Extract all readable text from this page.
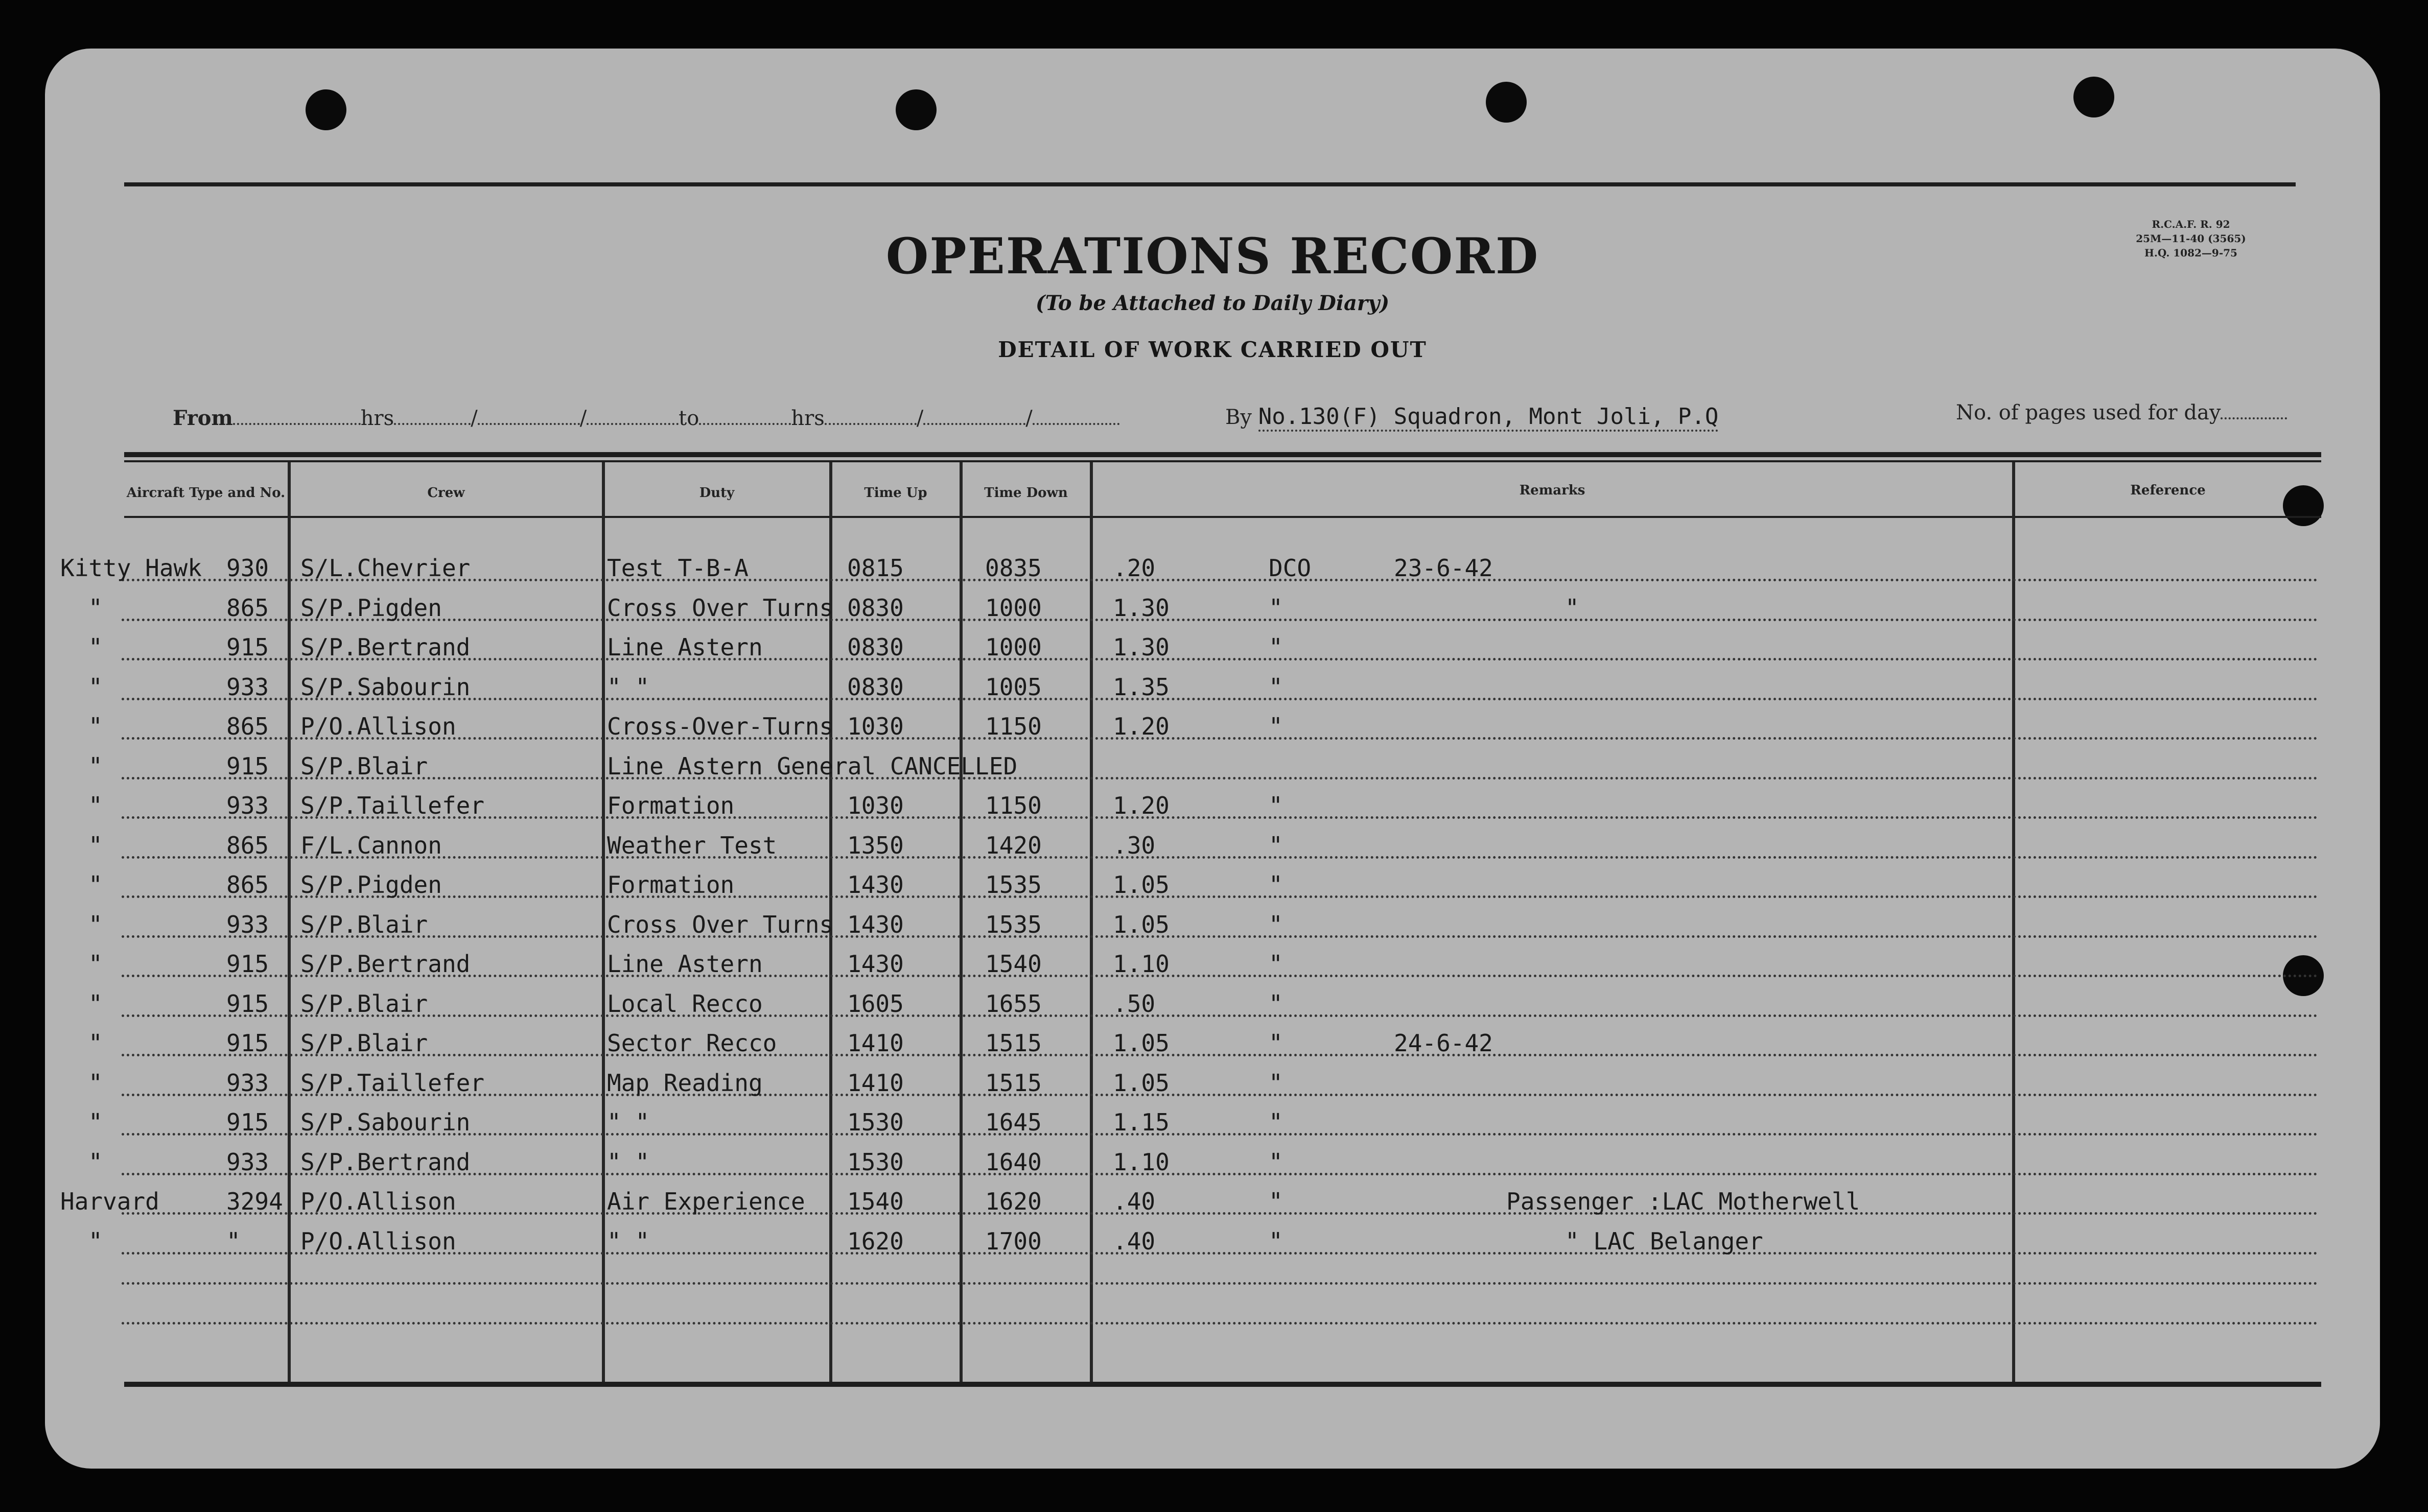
R.C.A.F. R. 92
25M—11-40 (3565)
H.Q. 1082—9-75
OPERATIONS RECORD
(To be Attached to Daily Diary)
DETAIL OF WORK CARRIED OUT
From	hrs	/	/	to	hrs	/	/	By No.130(F) Squadron, Mont Joli, P.Q	No. of pages used for day
Aircraft Type and No.	Crew	Duty	Time Up	Time Down	Remarks	Reference
Kitty Hawk 930 S/L.Chevrier	Test T-B-A	0815	0835	.20	DCO	23-6-42
"	865 S/P.Pigden	Cross Over Turns 0830	1000	1.30	"	"
"	915 S/P.Bertrand	Line Astern	0830	1000	1.30	"
"	933 S/P.Sabourin	" "	0830	1005	1.35	"
"	865 P/O.Allison	Cross-Over-Turns 1030	1150	1.20	"
"	915 S/P.Blair	Line Astern General CANCELLED
"	933 S/P.Taillefer	Formation	1030	1150	1.20	"
"	865 F/L.Cannon	Weather Test	1350	1420	.30	"
"	865 S/P.Pigden	Formation	1430	1535	1.05	"
"	933 S/P.Blair	Cross Over Turns 1430	1535	1.05	"
"	915 S/P.Bertrand	Line Astern	1430	1540	1.10	"
"	915 S/P.Blair	Local Recco	1605	1655	.50	"
"	915 S/P.Blair	Sector Recco	1410	1515	1.05	"	24-6-42
"	933 S/P.Taillefer	Map Reading	1410	1515	1.05	"
"	915 S/P.Sabourin	" "	1530	1645	1.15	"
"	933 S/P.Bertrand	" "	1530	1640	1.10	"
Harvard	3294 P/O.Allison	Air Experience 1540	1620	.40	"	Passenger :LAC Motherwell
"	"	P/O.Allison	" "	1620	1700	.40	"	" LAC Belanger
